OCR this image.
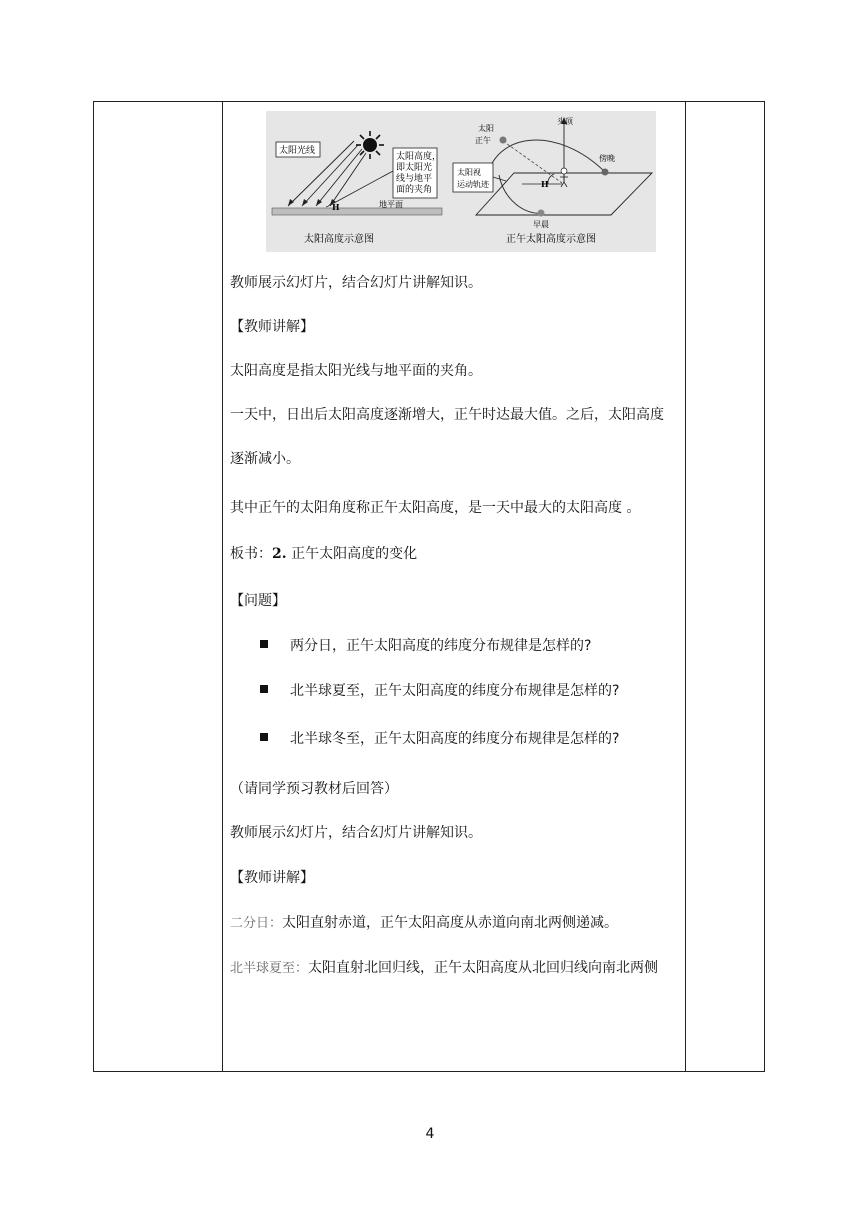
太阳光线
太阳高度，
即太阳光
线与地平
面的夹角
H	地平面
太阳高度示意图
H
太阳
正午
头顶
傍晚
太阳视
运动轨迹
早晨
正午太阳高度示意图
教师展示幻灯片，结合幻灯片讲解知识。
【教师讲解】
太阳高度是指太阳光线与地平面的夹角。
一天中，日出后太阳高度逐渐增大，正午时达最大值。之后，太阳高度
逐渐减小。
其中正午的太阳角度称正午太阳高度，是一天中最大的太阳高度 。
板书：2. 正午太阳高度的变化
【问题】
两分日，正午太阳高度的纬度分布规律是怎样的?
北半球夏至，正午太阳高度的纬度分布规律是怎样的?
北半球冬至，正午太阳高度的纬度分布规律是怎样的?
（请同学预习教材后回答）
教师展示幻灯片，结合幻灯片讲解知识。
【教师讲解】
二分日：太阳直射赤道，正午太阳高度从赤道向南北两侧递减。
北半球夏至：太阳直射北回归线，正午太阳高度从北回归线向南北两侧
4
